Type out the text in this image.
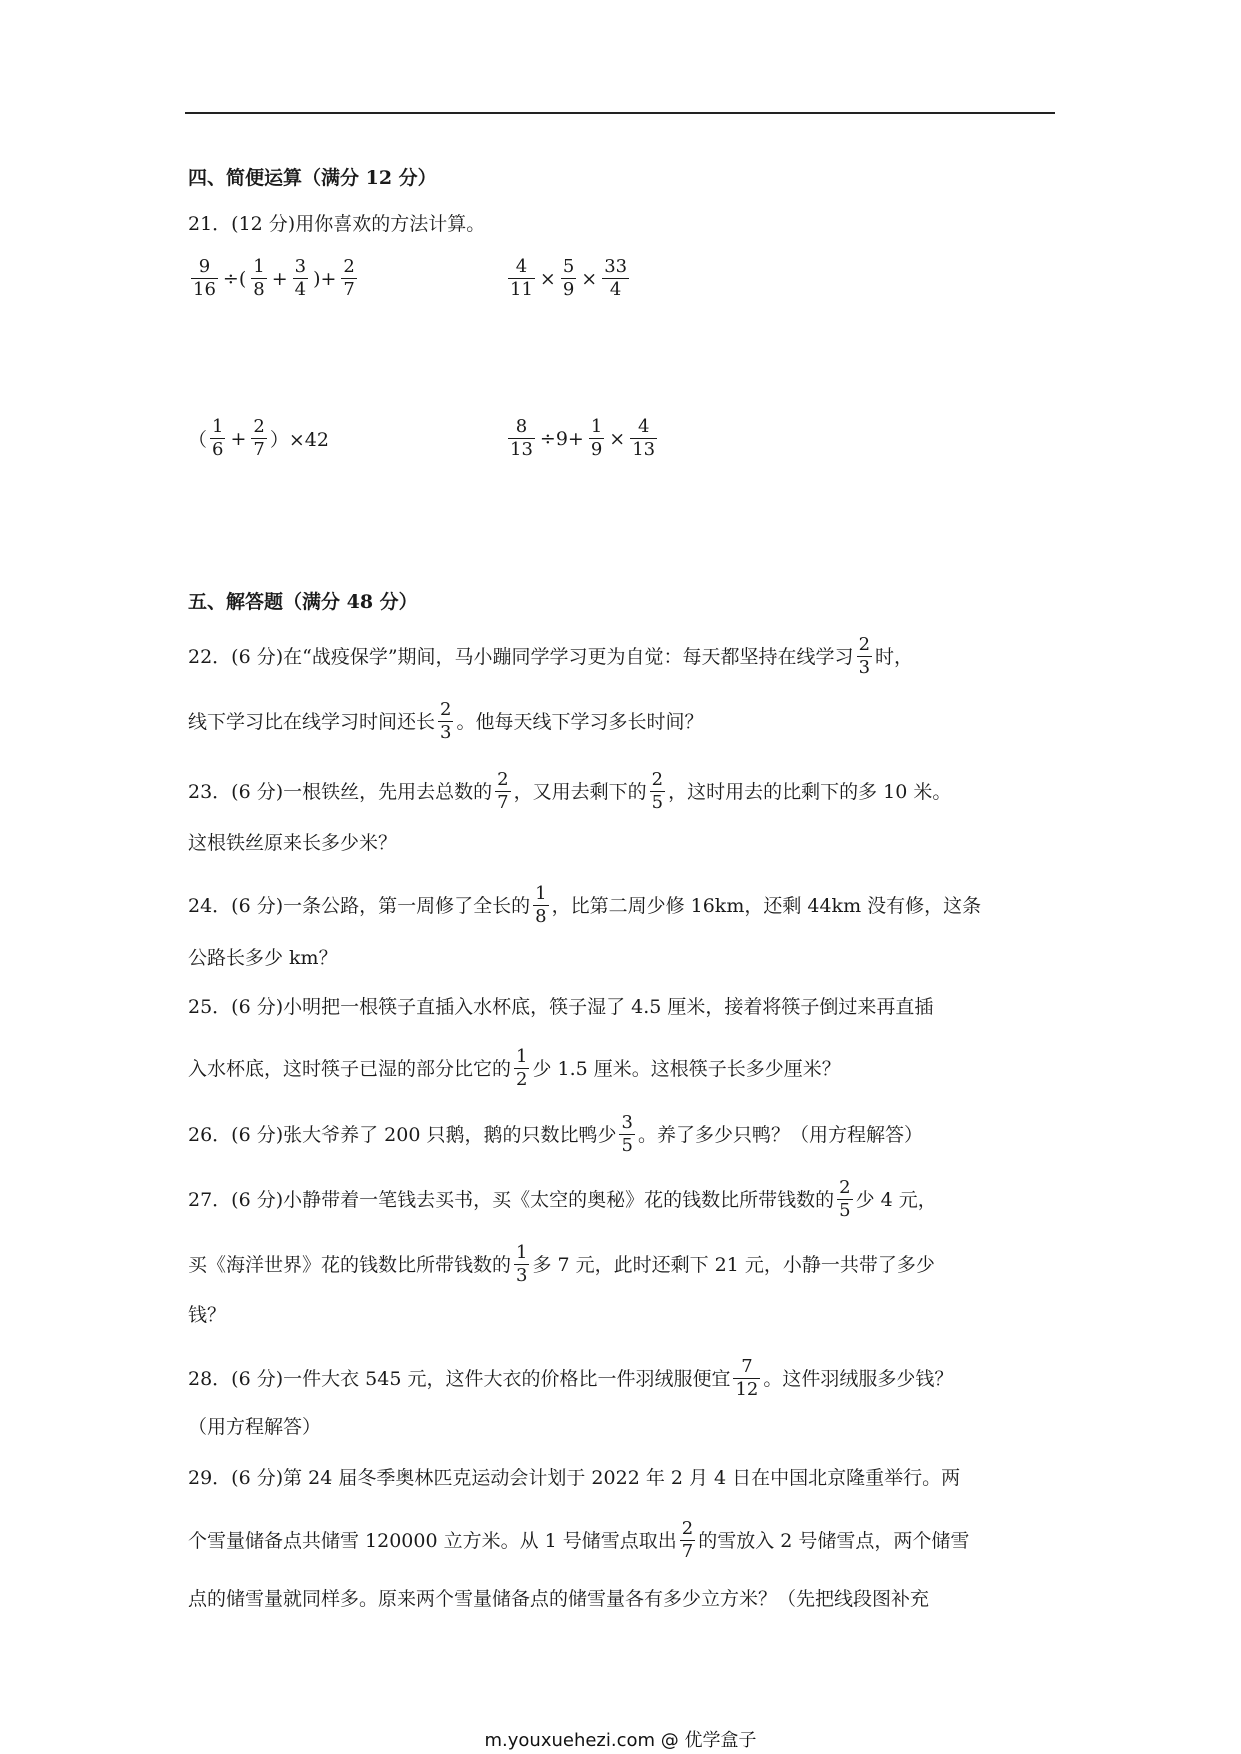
四、简便运算（满分 12 分）
21．(12 分)用你喜欢的方法计算。
$\frac{9}{16}$ ÷( $\frac{1}{8} + \frac{3}{4}$ )+ $\frac{2}{7}$	$\frac{4}{11} \times \frac{5}{9} \times \frac{33}{4}$
（ $\frac{1}{6} + \frac{2}{7} )\times 42$	$\frac{8}{13} \div 9+ \frac{1}{9} \times \frac{4}{13}$
五、解答题（满分 48 分）
22．(6 分)在“战疫保学”期间，马小蹦同学学习更为自觉：每天都坚持在线学习 $\frac{2}{3}$ 时，
线下学习比在线学习时间还长 $\frac{2}{3}$ 。他每天线下学习多长时间？
23．(6 分)一根铁丝，先用去总数的 $\frac{2}{7}$ ，又用去剩下的 $\frac{2}{5}$ ，这时用去的比剩下的多 10 米。
这根铁丝原来长多少米？
24．(6 分)一条公路，第一周修了全长的 $\frac{1}{8}$ ，比第二周少修 16km，还剩 44km 没有修，这条
公路长多少 km？
25．(6 分)小明把一根筷子直插入水杯底，筷子湿了 4.5 厘米，接着将筷子倒过来再直插
入水杯底，这时筷子已湿的部分比它的 $\frac{1}{2}$ 少 1.5 厘米。这根筷子长多少厘米？
26．(6 分)张大爷养了 200 只鹅，鹅的只数比鸭少 $\frac{3}{5}$ 。养了多少只鸭？（用方程解答）
27．(6 分)小静带着一笔钱去买书，买《太空的奥秘》花的钱数比所带钱数的 $\frac{2}{5}$ 少 4 元，
买《海洋世界》花的钱数比所带钱数的 $\frac{1}{3}$ 多 7 元，此时还剩下 21 元，小静一共带了多少
钱？
28．(6 分)一件大衣 545 元，这件大衣的价格比一件羽绒服便宜 $\frac{7}{12}$ 。这件羽绒服多少钱？
（用方程解答）
29．(6 分)第 24 届冬季奥林匹克运动会计划于 2022 年 2 月 4 日在中国北京隆重举行。两
个雪量储备点共储雪 120000 立方米。从 1 号储雪点取出 $\frac{2}{7}$ 的雪放入 2 号储雪点，两个储雪
点的储雪量就同样多。原来两个雪量储备点的储雪量各有多少立方米？（先把线段图补充
m.youxuehezi.com @ 优学盒子
